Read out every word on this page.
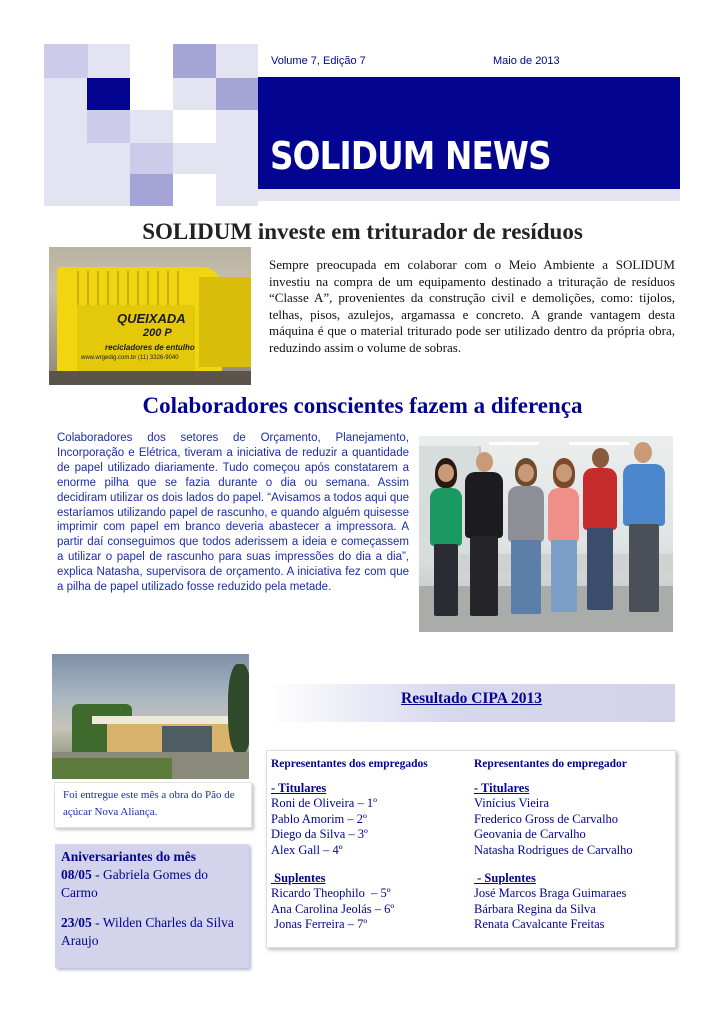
Volume 7, Edição 7	Maio de 2013
SOLIDUM NEWS
SOLIDUM investe em triturador de resíduos
QUEIXADA
200 P
recicladores de entulho
www.wrgedig.com.br (11) 3326-9040

Sempre preocupada em colaborar com o Meio Ambiente a SOLIDUM investiu na compra de um equipamento destinado a trituração de resíduos “Classe A”, provenientes da construção civil e demolições, como: tijolos, telhas, pisos, azulejos, argamassa e concreto. A grande vantagem desta máquina é que o material triturado pode ser utilizado dentro da própria obra, reduzindo assim o volume de sobras.

Colaboradores conscientes fazem a diferença

Colaboradores dos setores de Orçamento, Planejamento, Incorporação e Elétrica, tiveram a iniciativa de reduzir a quantidade de papel utilizado diariamente. Tudo começou após constatarem a enorme pilha que se fazia durante o dia ou semana. Assim decidiram utilizar os dois lados do papel. “Avisamos a todos aqui que estaríamos utilizando papel de rascunho, e quando alguém quisesse imprimir com papel em branco deveria abastecer a impressora. A partir daí conseguimos que todos aderissem a ideia e começassem a utilizar o papel de rascunho para suas impressões do dia a dia”, explica Natasha, supervisora de orçamento. A iniciativa fez com que a pilha de papel utilizado fosse reduzido pela metade.

Foi entregue este mês a obra do Pão de açúcar Nova Aliança.
Aniversariantes do mês
08/05 - Gabriela Gomes do Carmo
23/05 - Wilden Charles da Silva Araujo
Resultado CIPA 2013
Representantes dos empregados
- Titulares
Roni de Oliveira – 1º
Pablo Amorim – 2º
Diego da Silva – 3º
Alex Gall – 4º
Suplentes
Ricardo Theophilo  – 5º
Ana Carolina Jeolás – 6º
Jonas Ferreira – 7º
Representantes do empregador
- Titulares
Vinícius Vieira
Frederico Gross de Carvalho
Geovania de Carvalho
Natasha Rodrigues de Carvalho
- Suplentes
José Marcos Braga Guimaraes
Bárbara Regina da Silva
Renata Cavalcante Freitas
